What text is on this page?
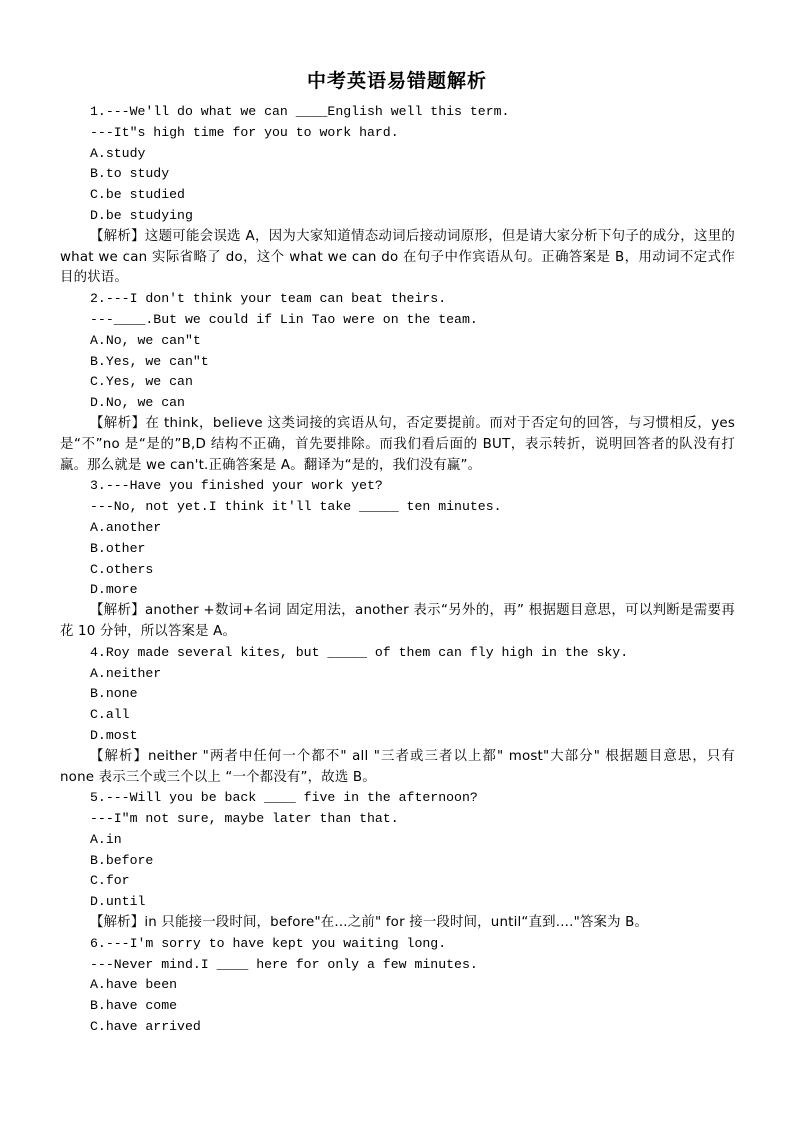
中考英语易错题解析
1.---We'll do what we can ____English well this term.
---It"s high time for you to work hard.
A.study
B.to study
C.be studied
D.be studying
【解析】这题可能会误选 A，因为大家知道情态动词后接动词原形，但是请大家分析下句子的成分，这里的 what we can 实际省略了 do，这个 what we can do 在句子中作宾语从句。正确答案是 B，用动词不定式作目的状语。
2.---I don't think your team can beat theirs.
---____.But we could if Lin Tao were on the team.
A.No, we can"t
B.Yes, we can"t
C.Yes, we can
D.No, we can
【解析】在 think，believe 这类词接的宾语从句，否定要提前。而对于否定句的回答，与习惯相反，yes 是“不”no 是“是的”B,D 结构不正确，首先要排除。而我们看后面的 BUT，表示转折，说明回答者的队没有打赢。那么就是 we can't.正确答案是 A。翻译为“是的，我们没有赢”。
3.---Have you finished your work yet?
---No, not yet.I think it'll take _____ ten minutes.
A.another
B.other
C.others
D.more
【解析】another +数词+名词 固定用法，another 表示“另外的，再” 根据题目意思，可以判断是需要再花 10 分钟，所以答案是 A。
4.Roy made several kites, but _____ of them can fly high in the sky.
A.neither
B.none
C.all
D.most
【解析】neither "两者中任何一个都不" all "三者或三者以上都" most"大部分" 根据题目意思，只有 none 表示三个或三个以上 “一个都没有”，故选 B。
5.---Will you be back ____ five in the afternoon?
---I"m not sure, maybe later than that.
A.in
B.before
C.for
D.until
【解析】in 只能接一段时间，before"在...之前" for 接一段时间，until“直到...."答案为 B。
6.---I'm sorry to have kept you waiting long.
---Never mind.I ____ here for only a few minutes.
A.have been
B.have come
C.have arrived
